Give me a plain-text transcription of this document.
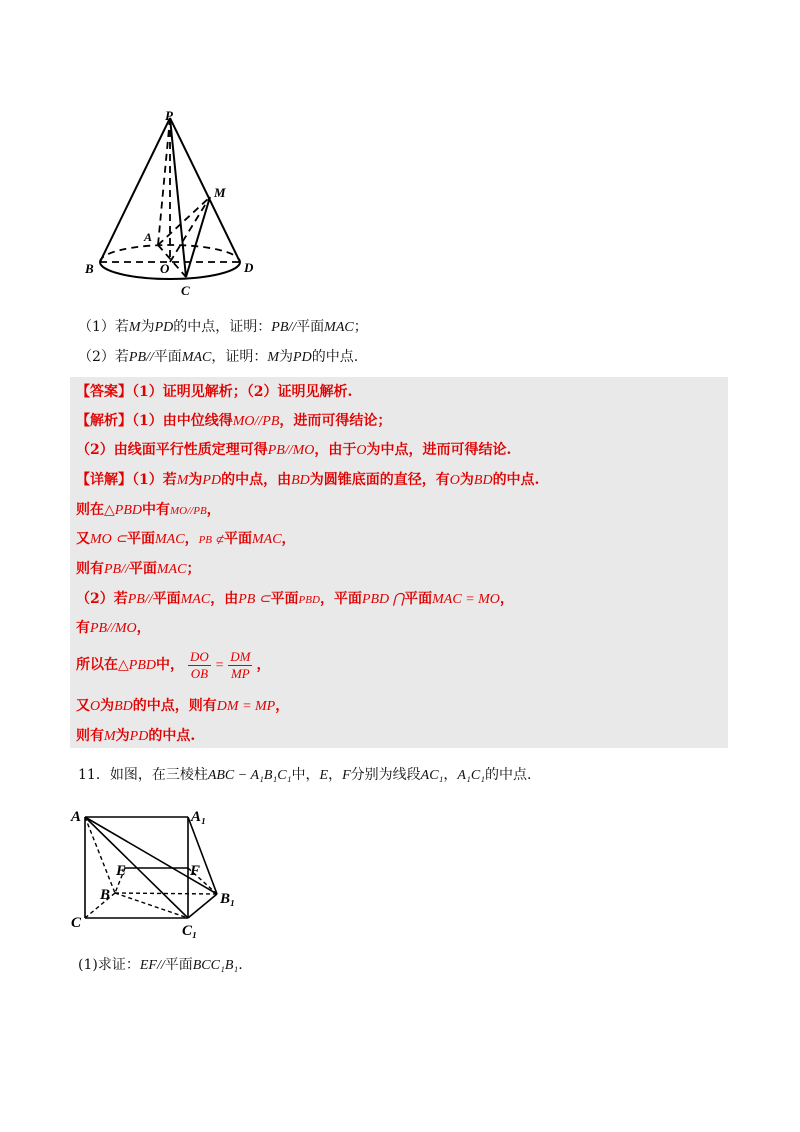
P
M
A
B	O	D
C
（1）若M为PD的中点，证明：PB//平面MAC；
（2）若PB//平面MAC，证明：M为PD的中点.
【答案】（1）证明见解析；（2）证明见解析.
【解析】（1）由中位线得MO//PB，进而可得结论；
（2）由线面平行性质定理可得PB//MO，由于O为中点，进而可得结论.
【详解】（1）若M为PD的中点，由BD为圆锥底面的直径，有O为BD的中点.
则在△PBD中有MO//PB，
又MO ⊂平面MAC，PB ⊄平面MAC，
则有PB//平面MAC；
（2）若PB//平面MAC，由PB ⊂平面PBD，平面PBD ⋂平面MAC = MO，
有PB//MO，
所以在△PBD中， $\frac{DO}{OB} = \frac{DM}{MP}$ ，
又O为BD的中点，则有DM = MP，
则有M为PD的中点.
11．如图，在三棱柱ABC − A₁B₁C₁中，E，F分别为线段AC₁，A₁C₁的中点.
A	A₁
E	F
B	B₁
C	C₁
(1)求证：EF//平面BCC₁B₁.
